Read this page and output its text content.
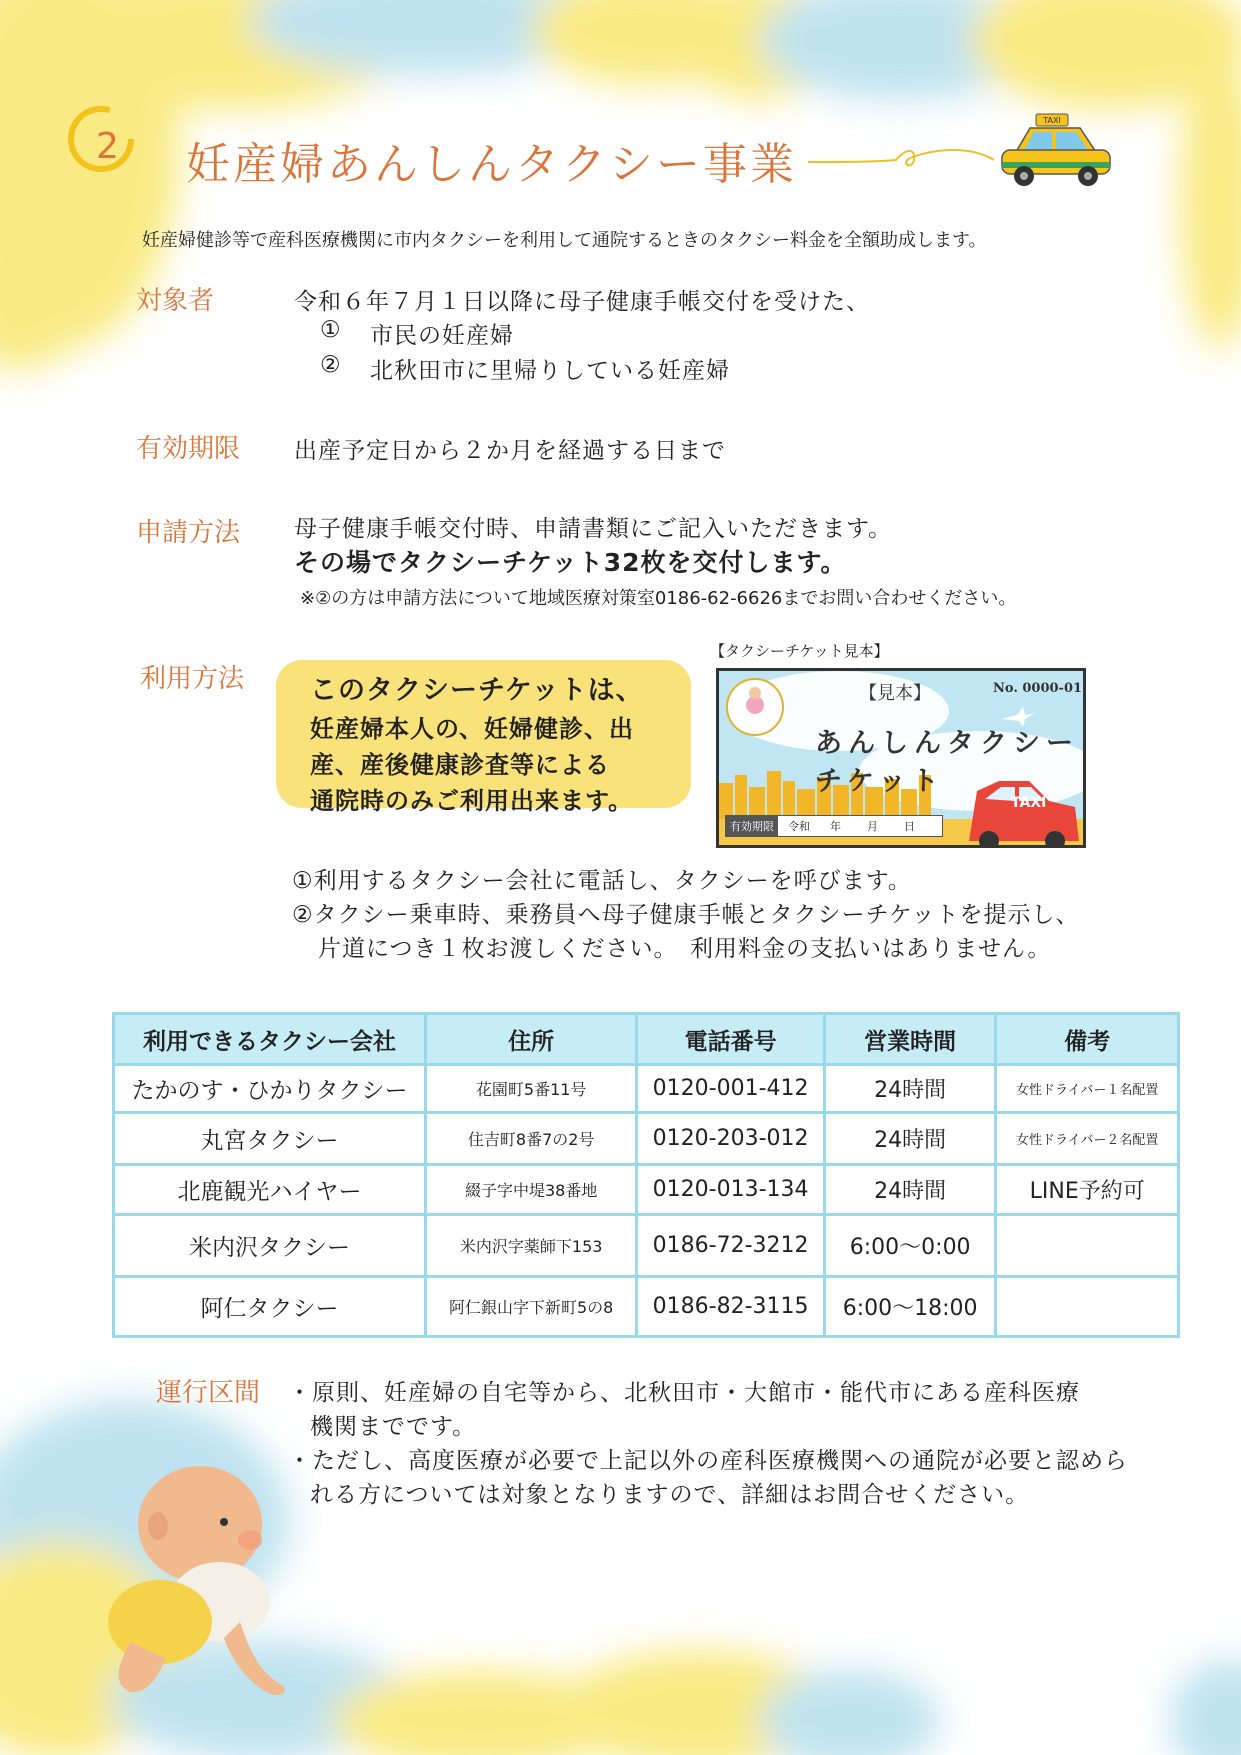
2 妊産婦あんしんタクシー事業
TAXI
妊産婦健診等で産科医療機関に市内タクシーを利用して通院するときのタクシー料金を全額助成します。
対象者	令和６年７月１日以降に母子健康手帳交付を受けた、
① 市民の妊産婦
② 北秋田市に里帰りしている妊産婦
有効期限 出産予定日から２か月を経過する日まで
申請方法 母子健康手帳交付時、申請書類にご記入いただきます。
その場でタクシーチケット32枚を交付します。
※②の方は申請方法について地域医療対策室0186-62-6626までお問い合わせください。
利用方法 このタクシーチケットは、
妊産婦本人の、妊婦健診、出
産、産後健康診査等による
通院時のみご利用出来ます。
【タクシーチケット見本】
【見本】	No. 0000-01
あんしんタクシー
チケット
TAXI
有効期限	令和 年 月 日
①利用するタクシー会社に電話し、タクシーを呼びます。
②タクシー乗車時、乗務員へ母子健康手帳とタクシーチケットを提示し、
片道につき１枚お渡しください。　利用料金の支払いはありません。
利用できるタクシー会社	住所	電話番号	営業時間	備考
たかのす・ひかりタクシー	花園町5番11号	0120-001-412	24時間	女性ドライバー１名配置
丸宮タクシー	住吉町8番7の2号	0120-203-012	24時間	女性ドライバー２名配置
北鹿観光ハイヤー	綴子字中堤38番地	0120-013-134	24時間	LINE予約可
米内沢タクシー	米内沢字薬師下153	0186-72-3212	6:00～0:00	
阿仁タクシー	阿仁銀山字下新町5の8	0186-82-3115	6:00～18:00	
運行区間 ・原則、妊産婦の自宅等から、北秋田市・大館市・能代市にある産科医療
機関までです。
・ただし、高度医療が必要で上記以外の産科医療機関への通院が必要と認めら
れる方については対象となりますので、詳細はお問合せください。
